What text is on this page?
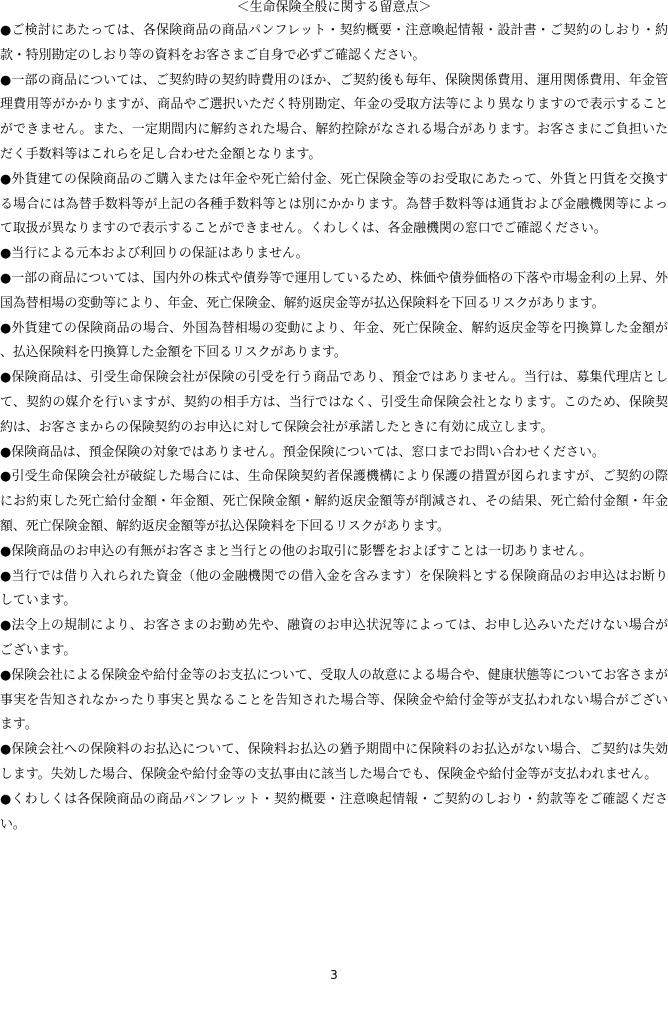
＜生命保険全般に関する留意点＞

●ご検討にあたっては、各保険商品の商品パンフレット・契約概要・注意喚起情報・設計書・ご契約のしおり・約款・特別勘定のしおり等の資料をお客さまご自身で必ずご確認ください。

●一部の商品については、ご契約時の契約時費用のほか、ご契約後も毎年、保険関係費用、運用関係費用、年金管理費用等がかかりますが、商品やご選択いただく特別勘定、年金の受取方法等により異なりますので表示することができません。また、一定期間内に解約された場合、解約控除がなされる場合があります。お客さまにご負担いただく手数料等はこれらを足し合わせた金額となります。

●外貨建ての保険商品のご購入または年金や死亡給付金、死亡保険金等のお受取にあたって、外貨と円貨を交換する場合には為替手数料等が上記の各種手数料等とは別にかかります。為替手数料等は通貨および金融機関等によって取扱が異なりますので表示することができません。くわしくは、各金融機関の窓口でご確認ください。

●当行による元本および利回りの保証はありません。

●一部の商品については、国内外の株式や債券等で運用しているため、株価や債券価格の下落や市場金利の上昇、外国為替相場の変動等により、年金、死亡保険金、解約返戻金等が払込保険料を下回るリスクがあります。

●外貨建ての保険商品の場合、外国為替相場の変動により、年金、死亡保険金、解約返戻金等を円換算した金額が、払込保険料を円換算した金額を下回るリスクがあります。

●保険商品は、引受生命保険会社が保険の引受を行う商品であり、預金ではありません。当行は、募集代理店として、契約の媒介を行いますが、契約の相手方は、当行ではなく、引受生命保険会社となります。このため、保険契約は、お客さまからの保険契約のお申込に対して保険会社が承諾したときに有効に成立します。

●保険商品は、預金保険の対象ではありません。預金保険については、窓口までお問い合わせください。

●引受生命保険会社が破綻した場合には、生命保険契約者保護機構により保護の措置が図られますが、ご契約の際にお約束した死亡給付金額・年金額、死亡保険金額・解約返戻金額等が削減され、その結果、死亡給付金額・年金額、死亡保険金額、解約返戻金額等が払込保険料を下回るリスクがあります。

●保険商品のお申込の有無がお客さまと当行との他のお取引に影響をおよぼすことは一切ありません。

●当行では借り入れられた資金（他の金融機関での借入金を含みます）を保険料とする保険商品のお申込はお断りしています。

●法令上の規制により、お客さまのお勤め先や、融資のお申込状況等によっては、お申し込みいただけない場合がございます。

●保険会社による保険金や給付金等のお支払について、受取人の故意による場合や、健康状態等についてお客さまが事実を告知されなかったり事実と異なることを告知された場合等、保険金や給付金等が支払われない場合がございます。

●保険会社への保険料のお払込について、保険料お払込の猶予期間中に保険料のお払込がない場合、ご契約は失効します。失効した場合、保険金や給付金等の支払事由に該当した場合でも、保険金や給付金等が支払われません。

●くわしくは各保険商品の商品パンフレット・契約概要・注意喚起情報・ご契約のしおり・約款等をご確認ください。

3
